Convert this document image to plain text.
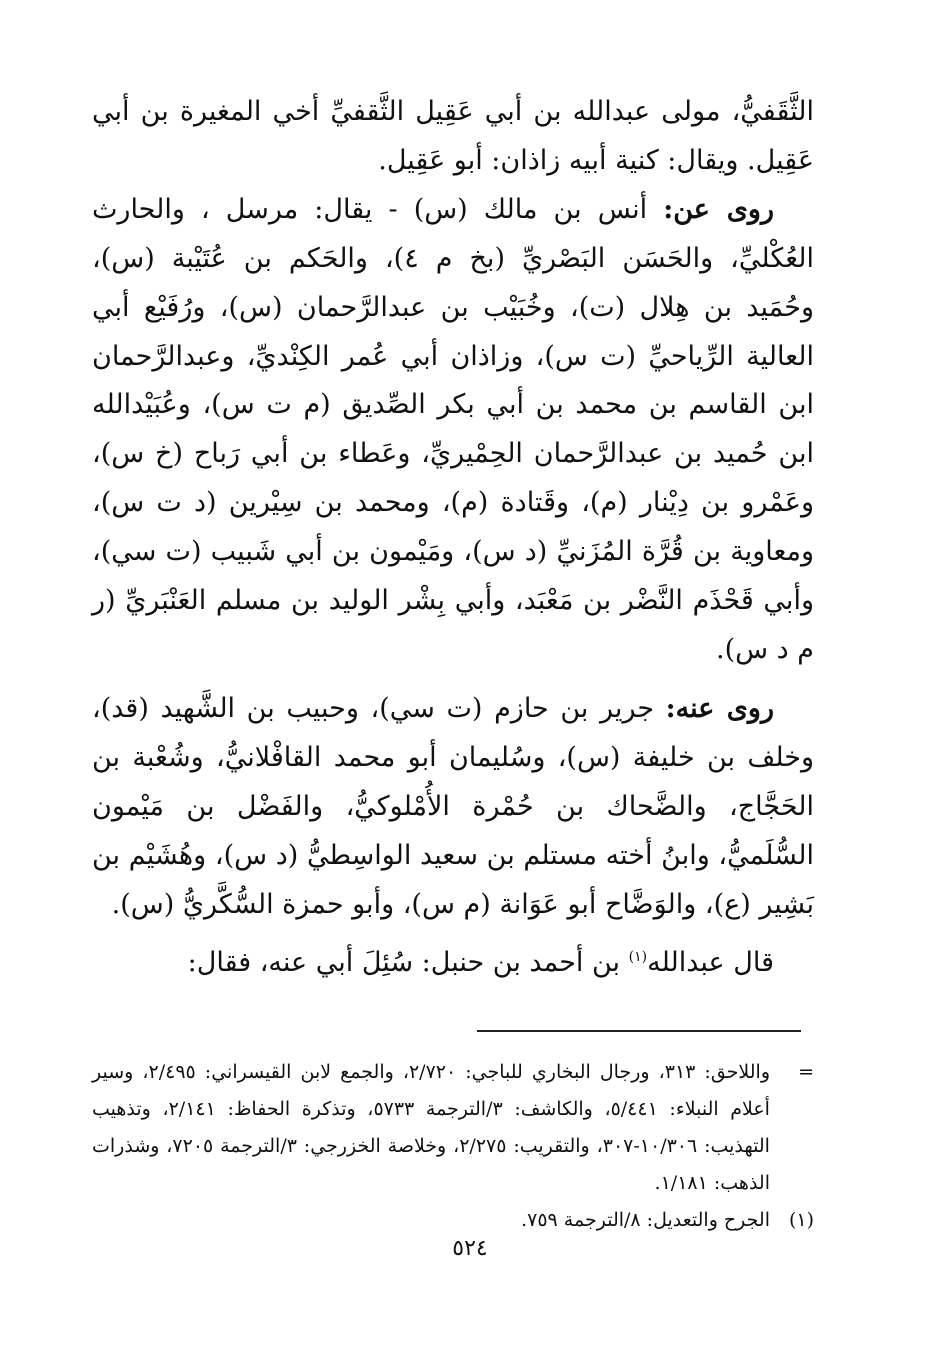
الثَّقَفيُّ، مولى عبدالله بن أبي عَقِيل الثَّقفيِّ أخي المغيرة بن أبي عَقِيل. ويقال: كنية أبيه زاذان: أبو عَقِيل.

روى عن: أنس بن مالك (س) - يقال: مرسل ، والحارث العُكْليِّ، والحَسَن البَصْريِّ (بخ م ٤)، والحَكم بن عُتَيْبة (س)، وحُمَيد بن هِلال (ت)، وخُبَيْب بن عبدالرَّحمان (س)، ورُفَيْع أبي العالية الرِّياحيِّ (ت س)، وزاذان أبي عُمر الكِنْديِّ، وعبدالرَّحمان ابن القاسم بن محمد بن أبي بكر الصِّديق (م ت س)، وعُبَيْدالله ابن حُميد بن عبدالرَّحمان الحِمْيريِّ، وعَطاء بن أبي رَباح (خ س)، وعَمْرو بن دِيْنار (م)، وقَتادة (م)، ومحمد بن سِيْرين (د ت س)، ومعاوية بن قُرَّة المُزَنيِّ (د س)، ومَيْمون بن أبي شَبيب (ت سي)، وأبي قَحْذَم النَّضْر بن مَعْبَد، وأبي بِشْر الوليد بن مسلم العَنْبَريِّ (ر م د س).

روى عنه: جرير بن حازم (ت سي)، وحبيب بن الشَّهيد (قد)، وخلف بن خليفة (س)، وسُليمان أبو محمد القافْلانيُّ، وشُعْبة بن الحَجَّاج، والضَّحاك بن حُمْرة الأُمْلوكيُّ، والفَضْل بن مَيْمون السُّلَميُّ، وابنُ أخته مستلم بن سعيد الواسِطيُّ (د س)، وهُشَيْم بن بَشِير (ع)، والوَضَّاح أبو عَوَانة (م س)، وأبو حمزة السُّكَّريُّ (س).

قال عبدالله$^{(١)}$ بن أحمد بن حنبل: سُئِلَ أبي عنه، فقال:

=
واللاحق: ٣١٣، ورجال البخاري للباجي: ٢/٧٢٠، والجمع لابن القيسراني: ٢/٤٩٥، وسير أعلام النبلاء: ٥/٤٤١، والكاشف: ٣/الترجمة ٥٧٣٣، وتذكرة الحفاظ: ٢/١٤١، وتذهيب التهذيب: ١٠/٣٠٦-٣٠٧، والتقريب: ٢/٢٧٥، وخلاصة الخزرجي: ٣/الترجمة ٧٢٠٥، وشذرات الذهب: ١/١٨١.
(١)
الجرح والتعديل: ٨/الترجمة ٧٥٩.
٥٢٤
